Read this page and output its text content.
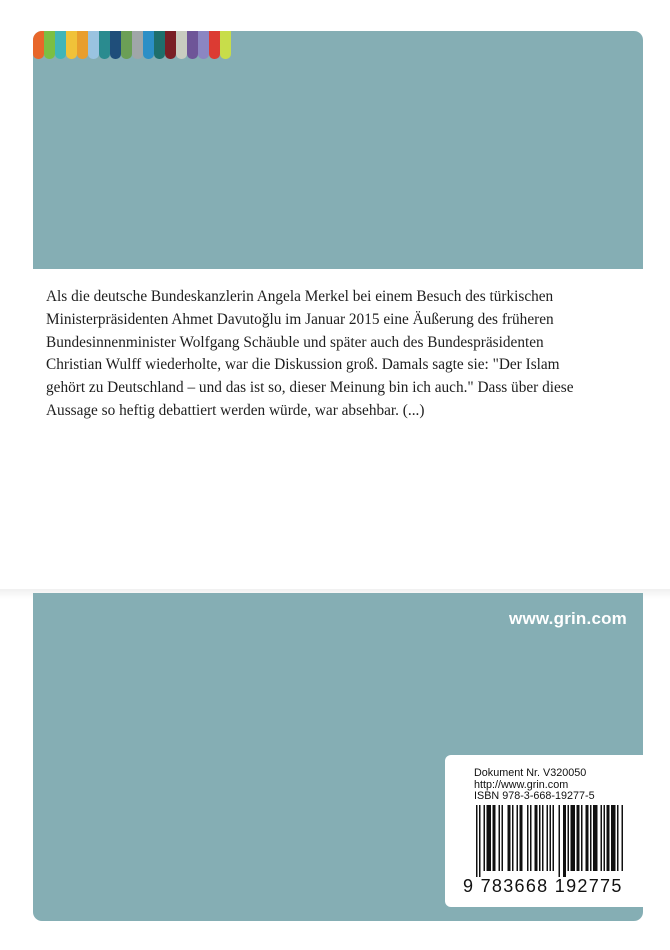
Als die deutsche Bundeskanzlerin Angela Merkel bei einem Besuch des türkischen Ministerpräsidenten Ahmet Davutoğlu im Januar 2015 eine Äußerung des früheren Bundesinnenminister Wolfgang Schäuble und später auch des Bundespräsidenten Christian Wulff wiederholte, war die Diskussion groß. Damals sagte sie: "Der Islam gehört zu Deutschland – und das ist so, dieser Meinung bin ich auch." Dass über diese Aussage so heftig debattiert werden würde, war absehbar. (...)

www.grin.com
Dokument Nr. V320050
http://www.grin.com
ISBN 978-3-668-19277-5
9 783668 192775
